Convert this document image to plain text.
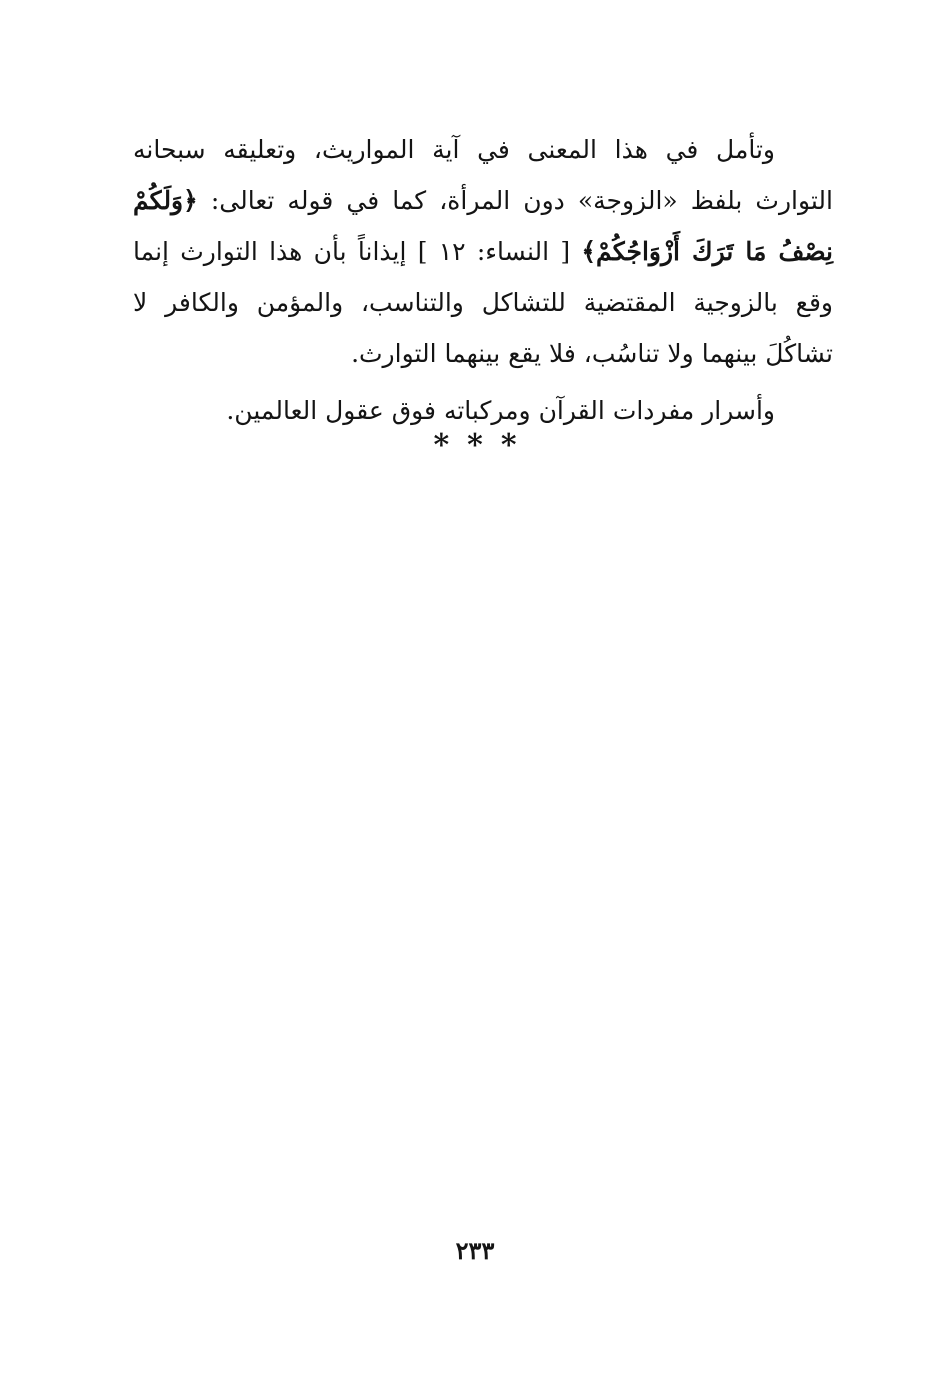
وتأمل في هذا المعنى في آية المواريث، وتعليقه سبحانه التوارث بلفظ «الزوجة» دون المرأة، كما في قوله تعالى: ﴿وَلَكُمْ نِصْفُ مَا تَرَكَ أَزْوَاجُكُمْ﴾ [ النساء: ١٢ ] إيذاناً بأن هذا التوارث إنما وقع بالزوجية المقتضية للتشاكل والتناسب، والمؤمن والكافر لا تشاكُلَ بينهما ولا تناسُب، فلا يقع بينهما التوارث.

وأسرار مفردات القرآن ومركباته فوق عقول العالمين.

***
٢٣٣
